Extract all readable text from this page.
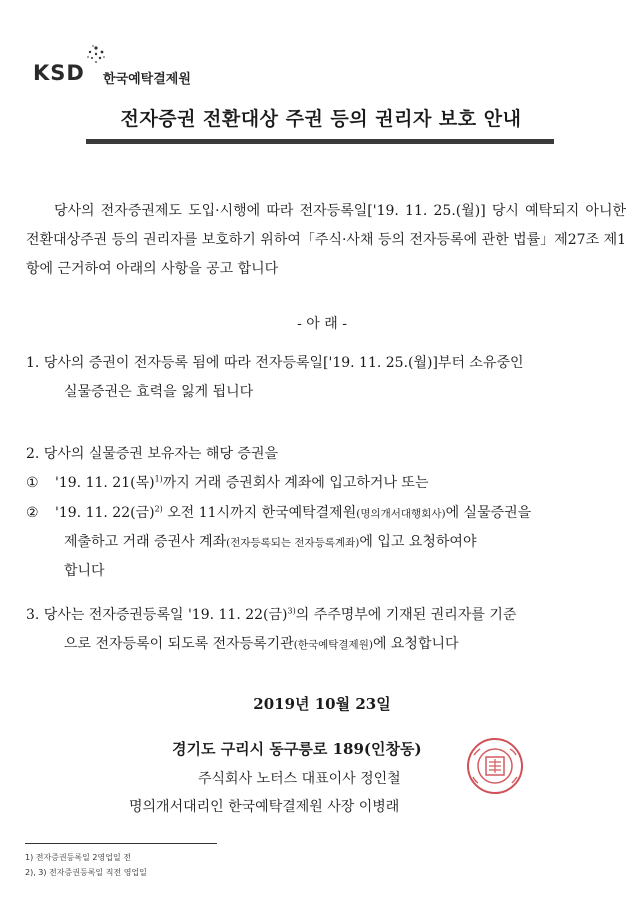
KSD 한국예탁결제원
전자증권 전환대상 주권 등의 권리자 보호 안내
당사의 전자증권제도 도입·시행에 따라 전자등록일['19. 11. 25.(월)] 당시 예탁되지 아니한 전환대상주권 등의 권리자를 보호하기 위하여「주식·사채 등의 전자등록에 관한 법률」제27조 제1항에 근거하여 아래의 사항을 공고 합니다
- 아 래 -
1. 당사의 증권이 전자등록 됨에 따라 전자등록일['19. 11. 25.(월)]부터 소유중인
실물증권은 효력을 잃게 됩니다
2. 당사의 실물증권 보유자는 해당 증권을
① '19. 11. 21(목)$^{1)}$까지 거래 증권회사 계좌에 입고하거나 또는
② '19. 11. 22(금)$^{2)}$ 오전 11시까지 한국예탁결제원(명의개서대행회사)에 실물증권을
제출하고 거래 증권사 계좌(전자등록되는 전자등록계좌)에 입고 요청하여야
합니다
3. 당사는 전자증권등록일 '19. 11. 22(금)$^{3)}$의 주주명부에 기재된 권리자를 기준
으로 전자등록이 되도록 전자등록기관(한국예탁결제원)에 요청합니다
2019년 10월 23일
경기도 구리시 동구릉로 189(인창동)
주식회사 노터스 대표이사 정인철
명의개서대리인 한국예탁결제원 사장 이병래
1) 전자증권등록일 2영업일 전
2), 3) 전자증권등록일 직전 영업일
